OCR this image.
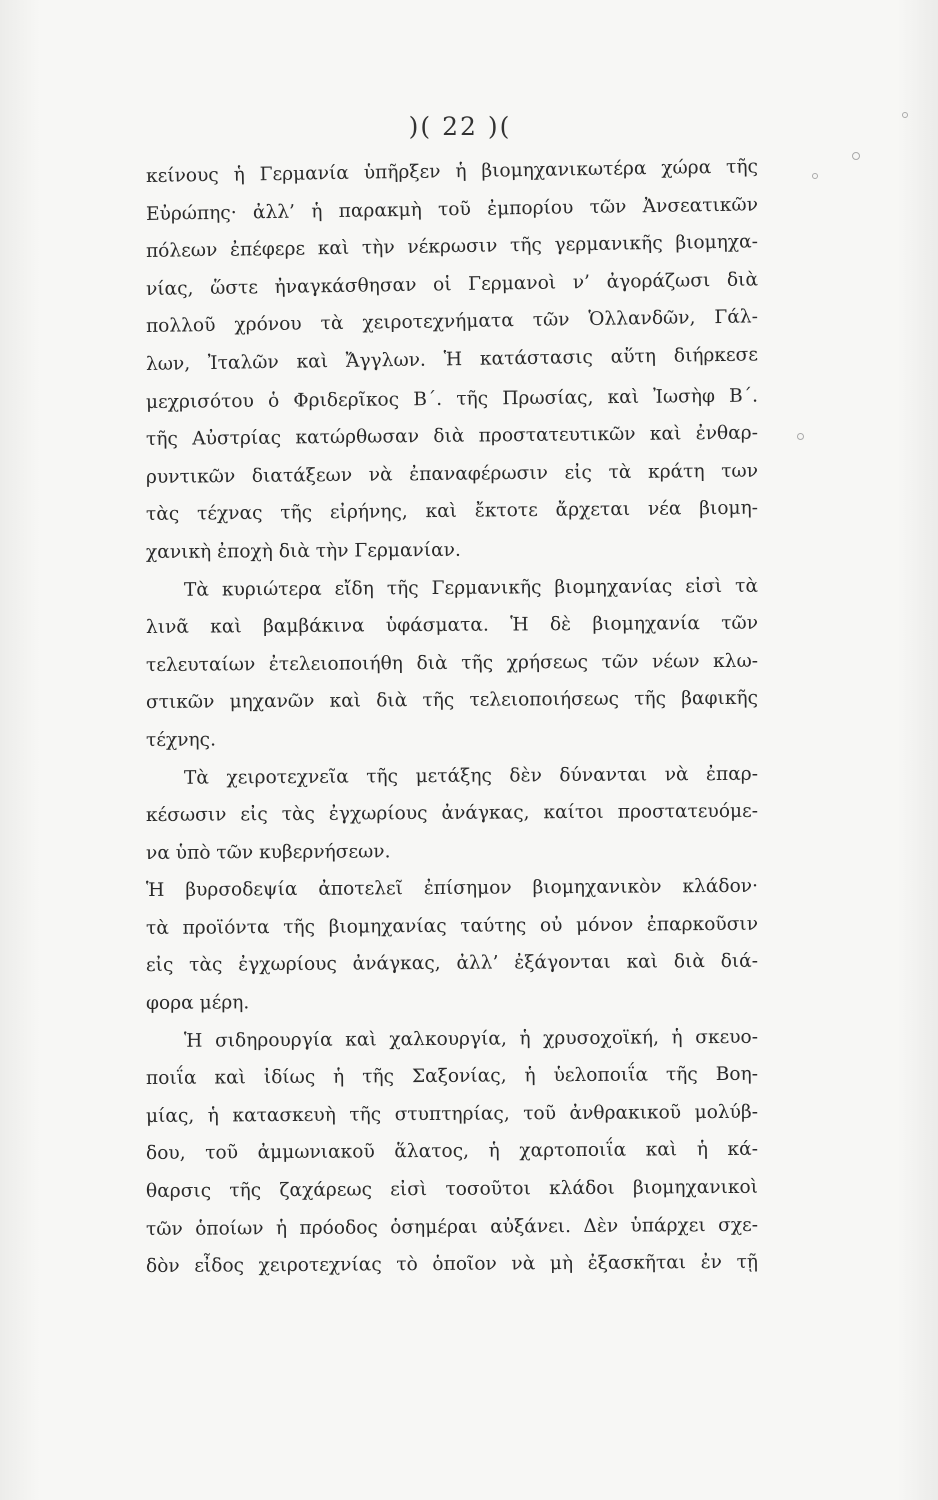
)( 22 )(
κείνους ἡ Γερμανία ὑπῆρξεν ἡ βιομηχανικωτέρα χώρα τῆς
Εὐρώπης· ἀλλ’ ἡ παρακμὴ τοῦ ἐμπορίου τῶν Ἀνσεατικῶν
πόλεων ἐπέφερε καὶ τὴν νέκρωσιν τῆς γερμανικῆς βιομηχα-
νίας, ὥστε ἠναγκάσθησαν οἱ Γερμανοὶ ν’ ἀγοράζωσι διὰ
πολλοῦ χρόνου τὰ χειροτεχνήματα τῶν Ὁλλανδῶν, Γάλ-
λων, Ἰταλῶν καὶ Ἄγγλων. Ἡ κατάστασις αὕτη διήρκεσε
μεχρισότου ὁ Φριδερῖκος Β΄. τῆς Πρωσίας, καὶ Ἰωσὴφ Β΄.
τῆς Αὐστρίας κατώρθωσαν διὰ προστατευτικῶν καὶ ἐνθαρ-
ρυντικῶν διατάξεων νὰ ἐπαναφέρωσιν εἰς τὰ κράτη των
τὰς τέχνας τῆς εἰρήνης, καὶ ἔκτοτε ἄρχεται νέα βιομη-
χανικὴ ἐποχὴ διὰ τὴν Γερμανίαν.
Τὰ κυριώτερα εἴδη τῆς Γερμανικῆς βιομηχανίας εἰσὶ τὰ
λινᾶ καὶ βαμβάκινα ὑφάσματα. Ἡ δὲ βιομηχανία τῶν
τελευταίων ἐτελειοποιήθη διὰ τῆς χρήσεως τῶν νέων κλω-
στικῶν μηχανῶν καὶ διὰ τῆς τελειοποιήσεως τῆς βαφικῆς
τέχνης.
Τὰ χειροτεχνεῖα τῆς μετάξης δὲν δύνανται νὰ ἐπαρ-
κέσωσιν εἰς τὰς ἐγχωρίους ἀνάγκας, καίτοι προστατευόμε-
να ὑπὸ τῶν κυβερνήσεων.
Ἡ βυρσοδεψία ἀποτελεῖ ἐπίσημον βιομηχανικὸν κλάδον·
τὰ προϊόντα τῆς βιομηχανίας ταύτης οὐ μόνον ἐπαρκοῦσιν
εἰς τὰς ἐγχωρίους ἀνάγκας, ἀλλ’ ἐξάγονται καὶ διὰ διά-
φορα μέρη.
Ἡ σιδηρουργία καὶ χαλκουργία, ἡ χρυσοχοϊκή, ἡ σκευο-
ποιΐα καὶ ἰδίως ἡ τῆς Σαξονίας, ἡ ὑελοποιΐα τῆς Βοη-
μίας, ἡ κατασκευὴ τῆς στυπτηρίας, τοῦ ἀνθρακικοῦ μολύβ-
δου, τοῦ ἀμμωνιακοῦ ἅλατος, ἡ χαρτοποιΐα καὶ ἡ κά-
θαρσις τῆς ζαχάρεως εἰσὶ τοσοῦτοι κλάδοι βιομηχανικοὶ
τῶν ὁποίων ἡ πρόοδος ὁσημέραι αὐξάνει. Δὲν ὑπάρχει σχε-
δὸν εἶδος χειροτεχνίας τὸ ὁποῖον νὰ μὴ ἐξασκῆται ἐν τῇ
